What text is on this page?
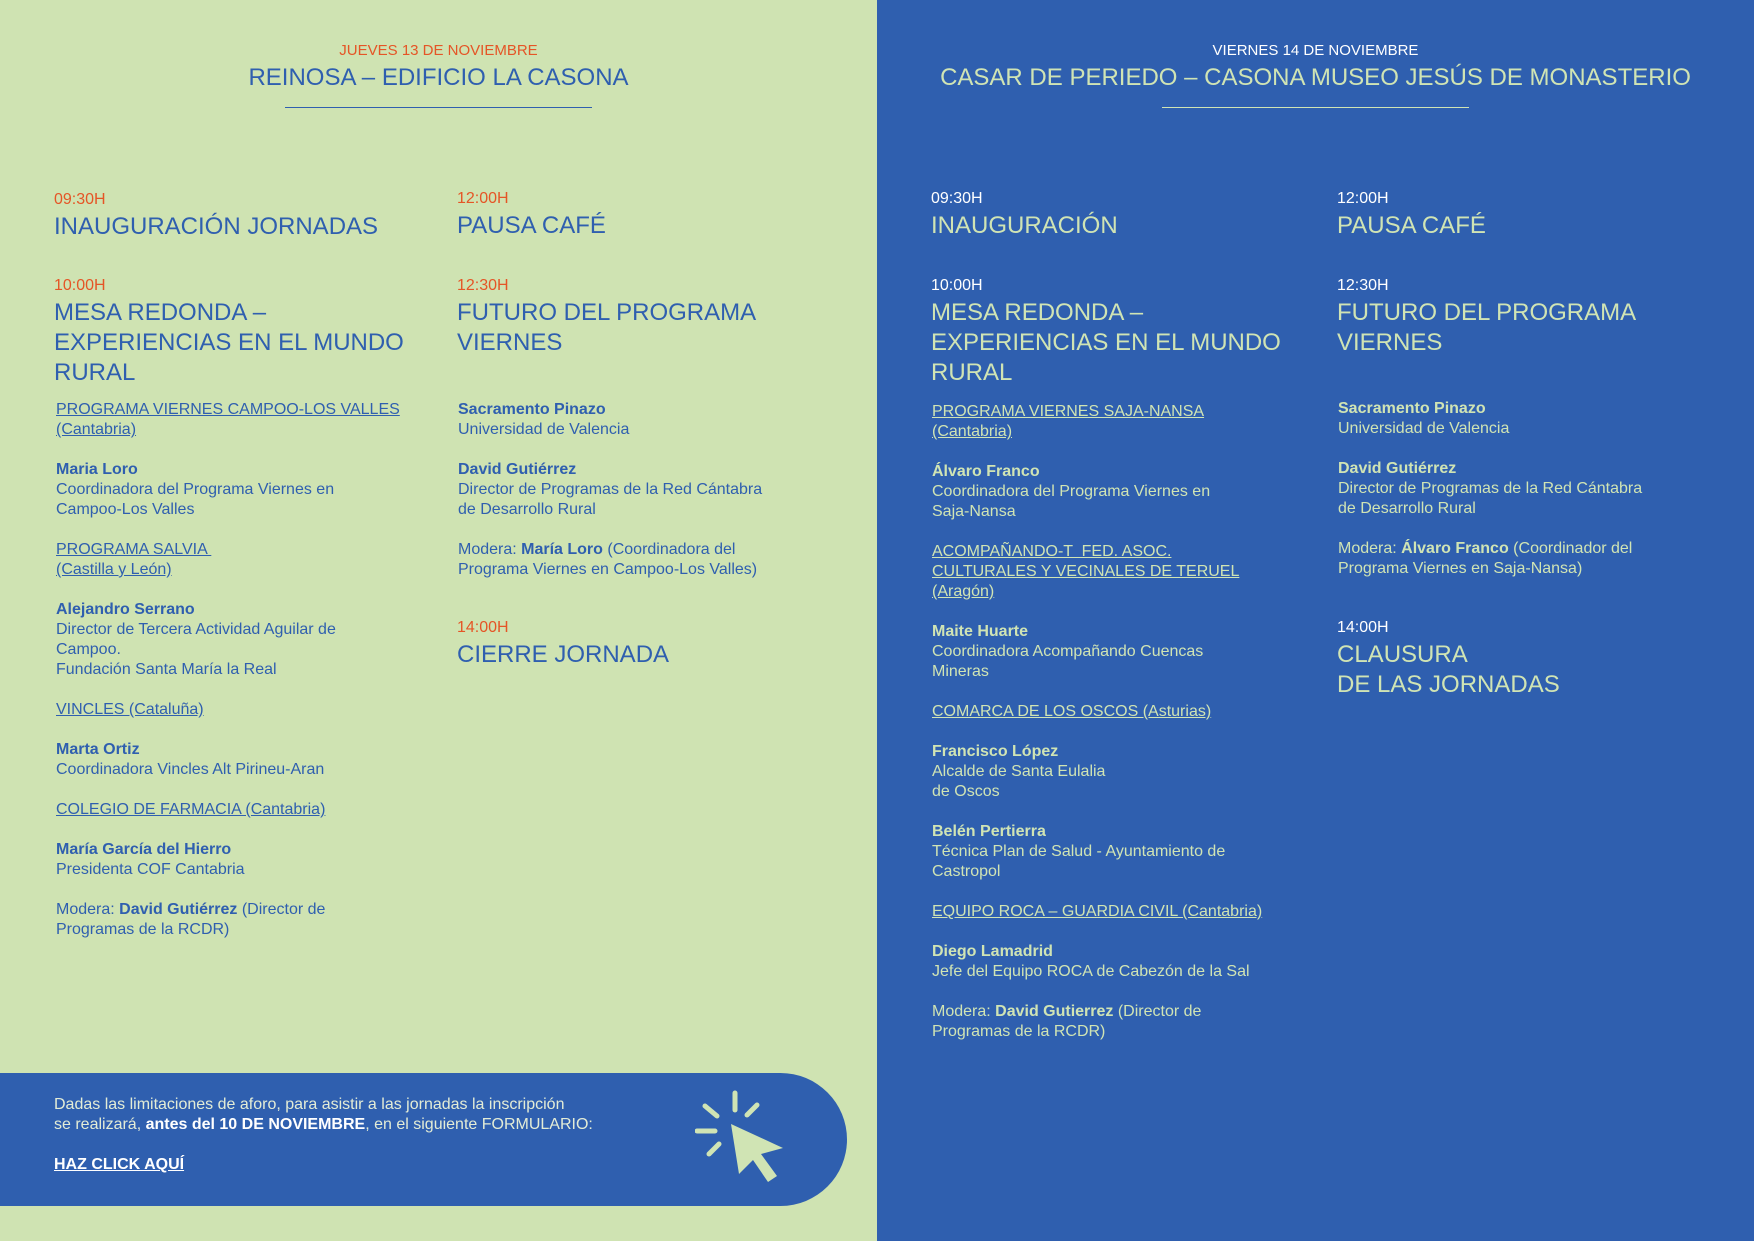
JUEVES 13 DE NOVIEMBRE
REINOSA – EDIFICIO LA CASONA
09:30H
INAUGURACIÓN JORNADAS
10:00H
MESA REDONDA –
EXPERIENCIAS EN EL MUNDO
RURAL
PROGRAMA VIERNES CAMPOO-LOS VALLES
(Cantabria)
Maria Loro
Coordinadora del Programa Viernes en
Campoo-Los Valles
PROGRAMA SALVIA
(Castilla y León)
Alejandro Serrano
Director de Tercera Actividad Aguilar de
Campoo.
Fundación Santa María la Real
VINCLES (Cataluña)
Marta Ortiz
Coordinadora Vincles Alt Pirineu-Aran
COLEGIO DE FARMACIA (Cantabria)
María García del Hierro
Presidenta COF Cantabria
Modera: David Gutiérrez (Director de
Programas de la RCDR)
12:00H
PAUSA CAFÉ
12:30H
FUTURO DEL PROGRAMA
VIERNES
Sacramento Pinazo
Universidad de Valencia
David Gutiérrez
Director de Programas de la Red Cántabra
de Desarrollo Rural
Modera: María Loro (Coordinadora del
Programa Viernes en Campoo-Los Valles)
14:00H
CIERRE JORNADA
Dadas las limitaciones de aforo, para asistir a las jornadas la inscripción
se realizará, antes del 10 DE NOVIEMBRE, en el siguiente FORMULARIO:
HAZ CLICK AQUÍ
VIERNES 14 DE NOVIEMBRE
CASAR DE PERIEDO – CASONA MUSEO JESÚS DE MONASTERIO
09:30H
INAUGURACIÓN
10:00H
MESA REDONDA –
EXPERIENCIAS EN EL MUNDO
RURAL
PROGRAMA VIERNES SAJA-NANSA
(Cantabria)
Álvaro Franco
Coordinadora del Programa Viernes en
Saja-Nansa
ACOMPAÑANDO-T  FED. ASOC.
CULTURALES Y VECINALES DE TERUEL
(Aragón)
Maite Huarte
Coordinadora Acompañando Cuencas
Mineras
COMARCA DE LOS OSCOS (Asturias)
Francisco López
Alcalde de Santa Eulalia
de Oscos
Belén Pertierra
Técnica Plan de Salud - Ayuntamiento de
Castropol
EQUIPO ROCA – GUARDIA CIVIL (Cantabria)
Diego Lamadrid
Jefe del Equipo ROCA de Cabezón de la Sal
Modera: David Gutierrez (Director de
Programas de la RCDR)
12:00H
PAUSA CAFÉ
12:30H
FUTURO DEL PROGRAMA
VIERNES
Sacramento Pinazo
Universidad de Valencia
David Gutiérrez
Director de Programas de la Red Cántabra
de Desarrollo Rural
Modera: Álvaro Franco (Coordinador del
Programa Viernes en Saja-Nansa)
14:00H
CLAUSURA
DE LAS JORNADAS
